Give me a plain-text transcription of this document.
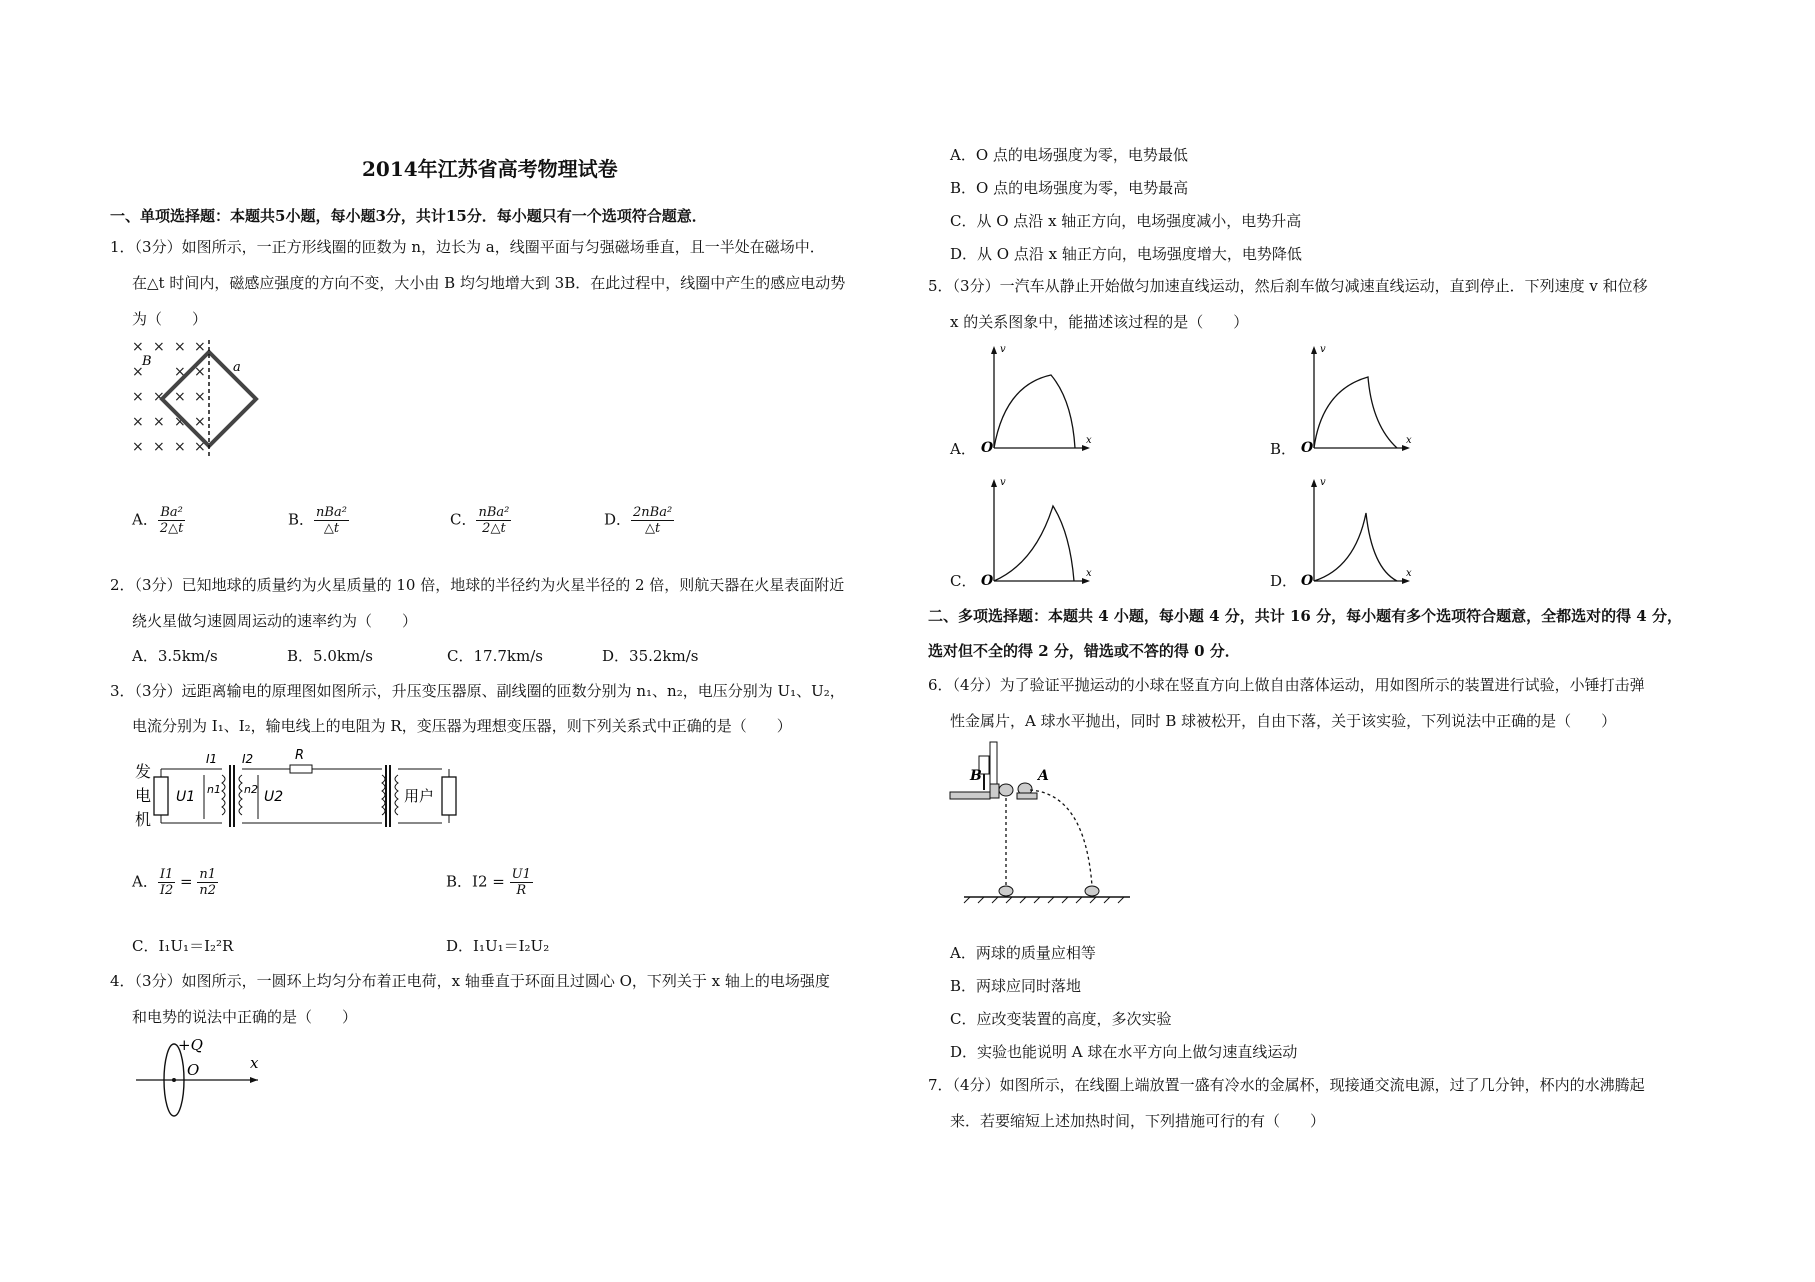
2014年江苏省高考物理试卷
一、单项选择题：本题共5小题，每小题3分，共计15分．每小题只有一个选项符合题意．
1．（3分）如图所示，一正方形线圈的匝数为 n，边长为 a，线圈平面与匀强磁场垂直，且一半处在磁场中．
在△t 时间内，磁感应强度的方向不变，大小由 B 均匀地增大到 3B．在此过程中，线圈中产生的感应电动势
为（　　）
× × × ×
× × ×
× × × ×
× × × ×
× × × ×
B	a
A． $\frac{\text{Ba²}}{2\triangle t}$	B． $\frac{\text{nBa²}}{\triangle t}$	C． $\frac{\text{nBa²}}{2\triangle t}$	D． $\frac{\text{2nBa²}}{\triangle t}$
2．（3分）已知地球的质量约为火星质量的 10 倍，地球的半径约为火星半径的 2 倍，则航天器在火星表面附近
绕火星做匀速圆周运动的速率约为（　　）
A．3.5km/s	B．5.0km/s	C．17.7km/s	D．35.2km/s
3．（3分）远距离输电的原理图如图所示，升压变压器原、副线圈的匝数分别为 n₁、n₂，电压分别为 U₁、U₂，
电流分别为 I₁、I₂，输电线上的电阻为 R，变压器为理想变压器，则下列关系式中正确的是（　　）
发
电
机
U1 n1
I1
n2
I2
U2
R
用户
A． $\frac{I1}{I2} = \frac{n1}{n2}$	B．$I2 = \frac{U1}{R}$
C．I₁U₁＝I₂²R	D．I₁U₁＝I₂U₂
4．（3分）如图所示，一圆环上均匀分布着正电荷，x 轴垂直于环面且过圆心 O，下列关于 x 轴上的电场强度
和电势的说法中正确的是（　　）
+Q
O	x
A．O 点的电场强度为零，电势最低
B．O 点的电场强度为零，电势最高
C．从 O 点沿 x 轴正方向，电场强度减小，电势升高
D．从 O 点沿 x 轴正方向，电场强度增大，电势降低
5．（3分）一汽车从静止开始做匀加速直线运动，然后刹车做匀减速直线运动，直到停止．下列速度 v 和位移
x 的关系图象中，能描述该过程的是（　　）
A．
v
x
O	B．
v
x
O
C．
v
x
O	D．
v
x
O
二、多项选择题：本题共 4 小题，每小题 4 分，共计 16 分，每小题有多个选项符合题意，全都选对的得 4 分，
选对但不全的得 2 分，错选或不答的得 0 分．
6．（4分）为了验证平抛运动的小球在竖直方向上做自由落体运动，用如图所示的装置进行试验，小锤打击弹
性金属片，A 球水平抛出，同时 B 球被松开，自由下落，关于该实验，下列说法中正确的是（　　）
B	A
A．两球的质量应相等
B．两球应同时落地
C．应改变装置的高度，多次实验
D．实验也能说明 A 球在水平方向上做匀速直线运动
7．（4分）如图所示，在线圈上端放置一盛有冷水的金属杯，现接通交流电源，过了几分钟，杯内的水沸腾起
来．若要缩短上述加热时间，下列措施可行的有（　　）
